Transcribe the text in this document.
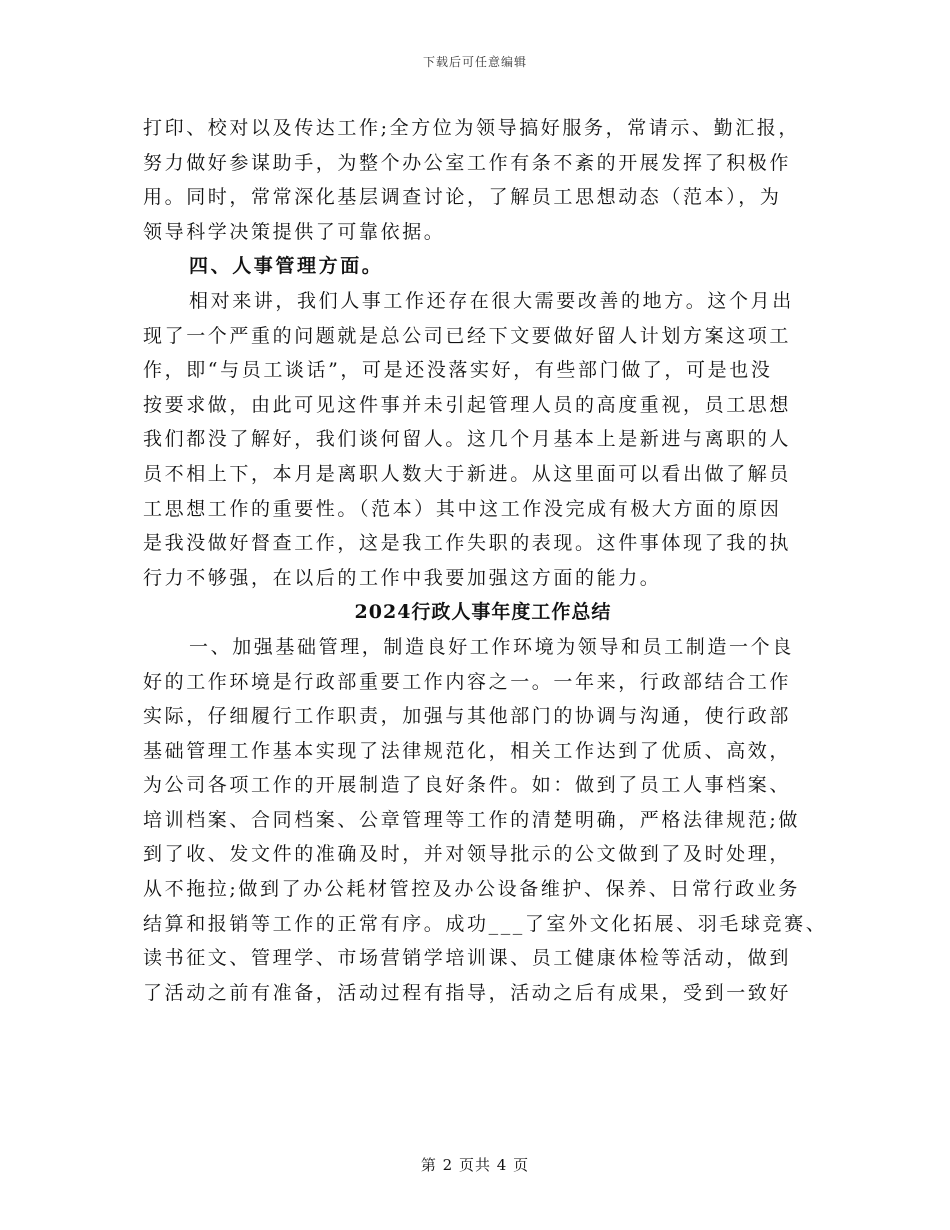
下载后可任意编辑
打印、校对以及传达工作;全方位为领导搞好服务，常请示、勤汇报，
努力做好参谋助手，为整个办公室工作有条不紊的开展发挥了积极作
用。同时，常常深化基层调查讨论，了解员工思想动态（范本），为
领导科学决策提供了可靠依据。
四、人事管理方面。
相对来讲，我们人事工作还存在很大需要改善的地方。这个月出
现了一个严重的问题就是总公司已经下文要做好留人计划方案这项工
作，即“与员工谈话”，可是还没落实好，有些部门做了，可是也没
按要求做，由此可见这件事并未引起管理人员的高度重视，员工思想
我们都没了解好，我们谈何留人。这几个月基本上是新进与离职的人
员不相上下，本月是离职人数大于新进。从这里面可以看出做了解员
工思想工作的重要性。（范本）其中这工作没完成有极大方面的原因
是我没做好督查工作，这是我工作失职的表现。这件事体现了我的执
行力不够强，在以后的工作中我要加强这方面的能力。
2024行政人事年度工作总结
一、加强基础管理，制造良好工作环境为领导和员工制造一个良
好的工作环境是行政部重要工作内容之一。一年来，行政部结合工作
实际，仔细履行工作职责，加强与其他部门的协调与沟通，使行政部
基础管理工作基本实现了法律规范化，相关工作达到了优质、高效，
为公司各项工作的开展制造了良好条件。如：做到了员工人事档案、
培训档案、合同档案、公章管理等工作的清楚明确，严格法律规范;做
到了收、发文件的准确及时，并对领导批示的公文做到了及时处理，
从不拖拉;做到了办公耗材管控及办公设备维护、保养、日常行政业务
结算和报销等工作的正常有序。成功___了室外文化拓展、羽毛球竞赛、
读书征文、管理学、市场营销学培训课、员工健康体检等活动，做到
了活动之前有准备，活动过程有指导，活动之后有成果，受到一致好
第 2 页共 4 页
